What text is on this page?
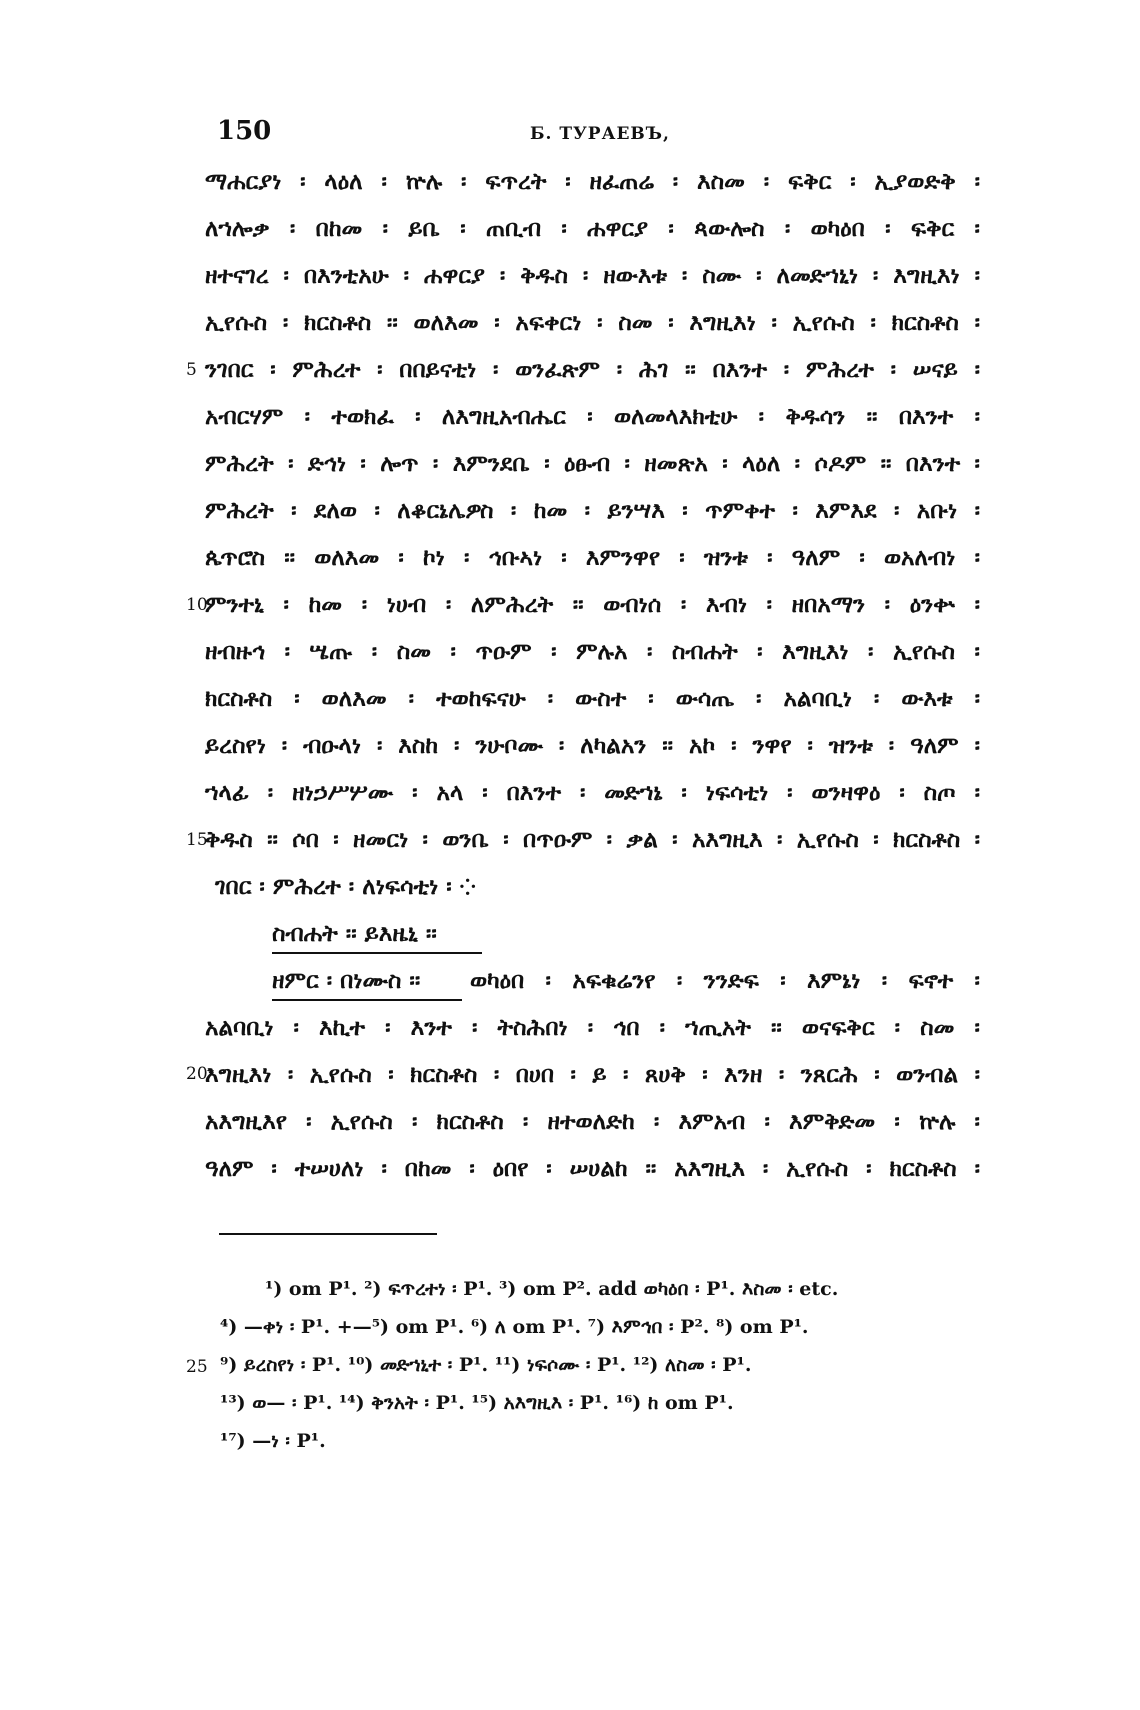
150	Б. ТУРАЕВЪ,
ማሐርያነ ፡ ላዕለ ፡ ኵሉ ፡ ፍጥረት ፡ ዘፈጠሬ ፡ እስመ ፡ ፍቅር ፡ ኢያወድቅ ፡
ለኀሎቃ ፡ በከመ ፡ ይቤ ፡ ጠቢብ ፡ ሐዋርያ ፡ ጳውሎስ ፡ ወካዕበ ፡ ፍቅር ፡
ዘተናገረ ፡ በእንቲአሁ ፡ ሐዋርያ ፡ ቅዱስ ፡ ዘውእቱ ፡ ስሙ ፡ ለመድኀኒነ ፡ እግዚእነ ፡
ኢየሱስ ፡ ክርስቶስ ፡፡ ወለእመ ፡ አፍቀርነ ፡ ስመ ፡ እግዚእነ ፡ ኢየሱስ ፡ ክርስቶስ ፡
ንገበር ፡ ምሕረተ ፡ በበይናቲነ ፡ ወንፈጽም ፡ ሕገ ፡፡ በእንተ ፡ ምሕረተ ፡ ሠናይ ፡
አብርሃም ፡ ተወክፈ ፡ ለእግዚአብሔር ፡ ወለመላእክቲሁ ፡ ቅዱሳን ፡፡ በእንተ ፡
ምሕረት ፡ ድኅነ ፡ ሎጥ ፡ እምንደቤ ፡ ዕፁብ ፡ ዘመጽአ ፡ ላዕለ ፡ ሶዶም ፡፡ በእንተ ፡
ምሕረት ፡ ደለወ ፡ ለቆርኔሌዎስ ፡ ከመ ፡ ይንሣእ ፡ ጥምቀተ ፡ እምእደ ፡ አቡነ ፡
ጴጥሮስ ፡፡ ወለእመ ፡ ኮነ ፡ ኅቡኣነ ፡ እምንዋየ ፡ ዝንቱ ፡ ዓለም ፡ ወአለብነ ፡
ምንተኒ ፡ ከመ ፡ ነሀብ ፡ ለምሕረት ፡፡ ወብነሰ ፡ እብነ ፡ ዘበአማን ፡ ዕንቍ ፡
ዘብዙኅ ፡ ሤጡ ፡ ስመ ፡ ጥዑም ፡ ምሉአ ፡ ስብሐት ፡ እግዚእነ ፡ ኢየሱስ ፡
ክርስቶስ ፡ ወለእመ ፡ ተወከፍናሁ ፡ ውስተ ፡ ውሳጤ ፡ አልባቢነ ፡ ውእቱ ፡
ይረስየነ ፡ ብዑላነ ፡ እስከ ፡ ንሁቦሙ ፡ ለካልአን ፡፡ አኮ ፡ ንዋየ ፡ ዝንቱ ፡ ዓለም ፡
ኀላፊ ፡ ዘነኃሥሦሙ ፡ አላ ፡ በእንተ ፡ መድኀኔ ፡ ነፍሳቲነ ፡ ወንዛዋዕ ፡ ስጦ ፡
ቅዱስ ፡፡ ሶበ ፡ ዘመርነ ፡ ወንቤ ፡ በጥዑም ፡ ቃል ፡ አእግዚእ ፡ ኢየሱስ ፡ ክርስቶስ ፡
ገበር ፡ ምሕረተ ፡ ለነፍሳቲነ ፡ ⁘
5
10
15
20
ስብሐት ፡፡ ይእዜኒ ፡፡
ዘምር ፡ በነሙስ ፡፡ ወካዕበ ፡ አፍቁሬንየ ፡ ንንድፍ ፡ እምኔነ ፡ ፍኖተ ፡
አልባቢነ ፡ እኪተ ፡ እንተ ፡ ትስሕበነ ፡ ኅበ ፡ ኀጢአት ፡፡ ወናፍቅር ፡ ስመ ፡
እግዚእነ ፡ ኢየሱስ ፡ ክርስቶስ ፡ በሀበ ፡ ይ ፡ ጸሀቅ ፡ እንዘ ፡ ንጸርሕ ፡ ወንብል ፡
አእግዚእየ ፡ ኢየሱስ ፡ ክርስቶስ ፡ ዘተወለድከ ፡ እምአብ ፡ እምቅድመ ፡ ኵሉ ፡
ዓለም ፡ ተሠሀለነ ፡ በከመ ፡ ዕበየ ፡ ሠሀልከ ፡፡ አእግዚእ ፡ ኢየሱስ ፡ ክርስቶስ ፡
¹) om P¹. ²) ፍጥረተነ ፡ P¹. ³) om P². add ወካዕበ ፡ P¹. እስመ ፡ etc.
⁴) —ቀነ ፡ P¹. +—⁵) om P¹. ⁶) ለ om P¹. ⁷) እምኅበ ፡ P². ⁸) om P¹.
⁹) ይረስየነ ፡ P¹. ¹⁰) መድኀኒተ ፡ P¹. ¹¹) ነፍሶሙ ፡ P¹. ¹²) ለስመ ፡ P¹.
¹³) ወ— ፡ P¹. ¹⁴) ቅንአት ፡ P¹. ¹⁵) አእግዚእ ፡ P¹. ¹⁶) ከ om P¹.
¹⁷) —ነ ፡ P¹.
25
